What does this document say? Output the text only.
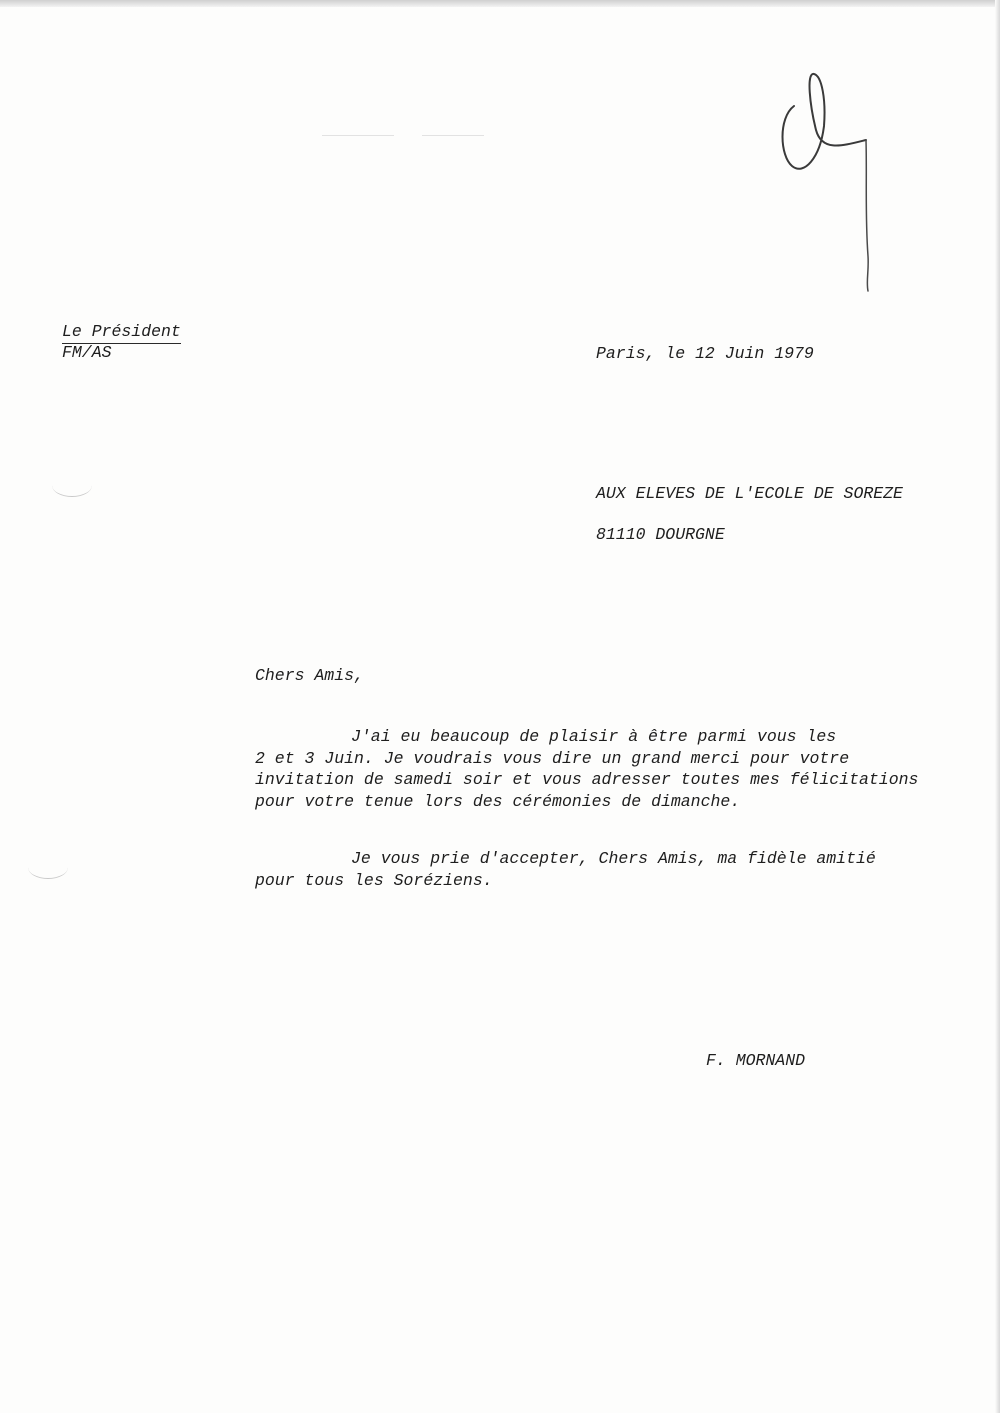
Le Président
FM/AS	Paris, le 12 Juin 1979
AUX ELEVES DE L'ECOLE DE SOREZE
81110 DOURGNE
Chers Amis,
J'ai eu beaucoup de plaisir à être parmi vous les
2 et 3 Juin. Je voudrais vous dire un grand merci pour votre
invitation de samedi soir et vous adresser toutes mes félicitations
pour votre tenue lors des cérémonies de dimanche.
Je vous prie d'accepter, Chers Amis, ma fidèle amitié
pour tous les Soréziens.
F. MORNAND
